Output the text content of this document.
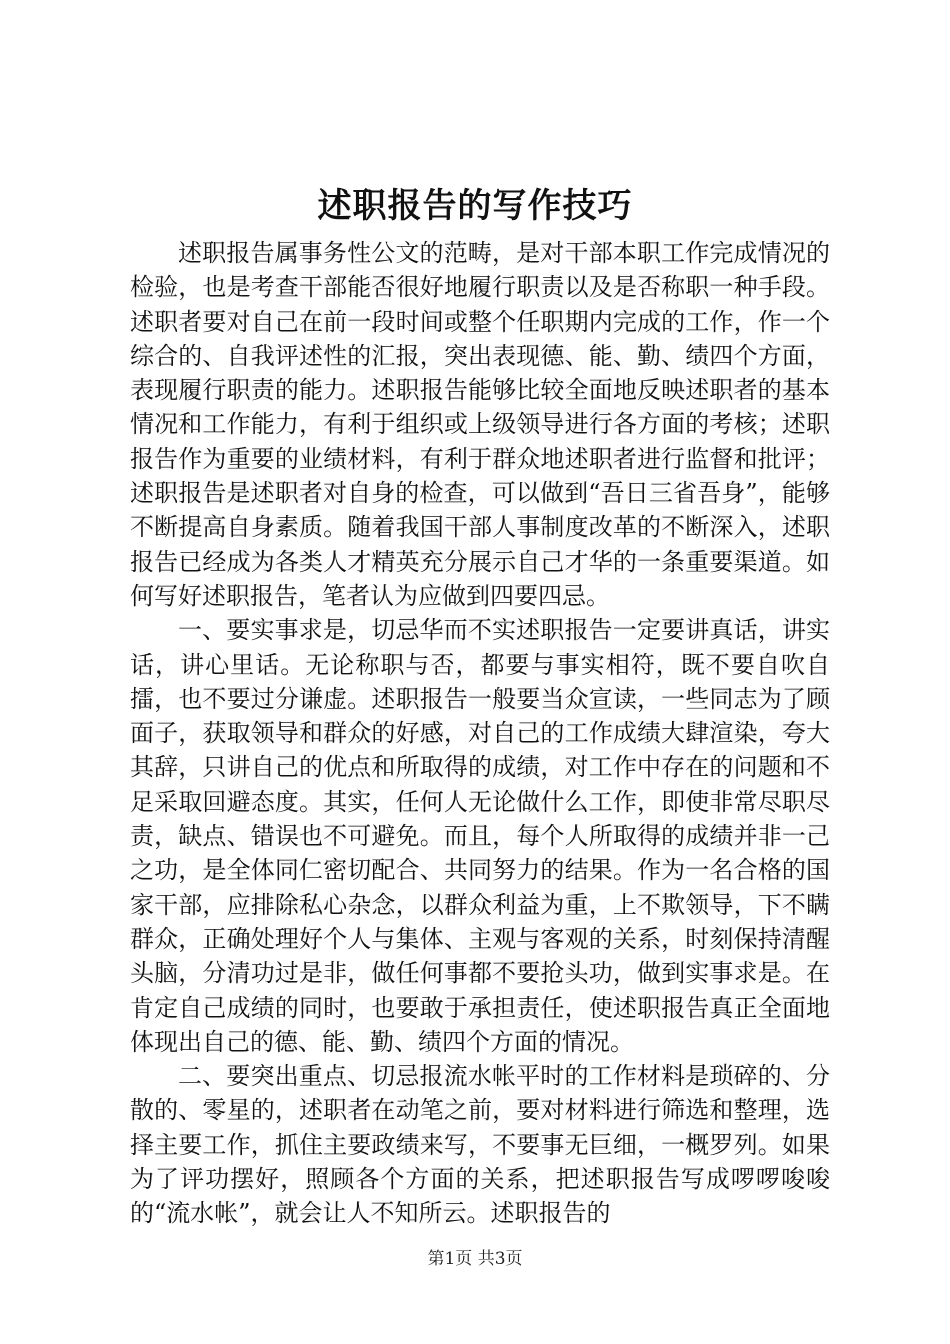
述职报告的写作技巧

述职报告属事务性公文的范畴，是对干部本职工作完成情况的检验，也是考查干部能否很好地履行职责以及是否称职一种手段。述职者要对自己在前一段时间或整个任职期内完成的工作，作一个综合的、自我评述性的汇报，突出表现德、能、勤、绩四个方面，表现履行职责的能力。述职报告能够比较全面地反映述职者的基本情况和工作能力，有利于组织或上级领导进行各方面的考核；述职报告作为重要的业绩材料，有利于群众地述职者进行监督和批评；述职报告是述职者对自身的检查，可以做到“吾日三省吾身”，能够不断提高自身素质。随着我国干部人事制度改革的不断深入，述职报告已经成为各类人才精英充分展示自己才华的一条重要渠道。如何写好述职报告，笔者认为应做到四要四忌。

一、要实事求是，切忌华而不实述职报告一定要讲真话，讲实话，讲心里话。无论称职与否，都要与事实相符，既不要自吹自擂，也不要过分谦虚。述职报告一般要当众宣读，一些同志为了顾面子，获取领导和群众的好感，对自己的工作成绩大肆渲染，夸大其辞，只讲自己的优点和所取得的成绩，对工作中存在的问题和不足采取回避态度。其实，任何人无论做什么工作，即使非常尽职尽责，缺点、错误也不可避免。而且，每个人所取得的成绩并非一己之功，是全体同仁密切配合、共同努力的结果。作为一名合格的国家干部，应排除私心杂念，以群众利益为重，上不欺领导，下不瞒群众，正确处理好个人与集体、主观与客观的关系，时刻保持清醒头脑，分清功过是非，做任何事都不要抢头功，做到实事求是。在肯定自己成绩的同时，也要敢于承担责任，使述职报告真正全面地体现出自己的德、能、勤、绩四个方面的情况。

二、要突出重点、切忌报流水帐平时的工作材料是琐碎的、分散的、零星的，述职者在动笔之前，要对材料进行筛选和整理，选择主要工作，抓住主要政绩来写，不要事无巨细，一概罗列。如果为了评功摆好，照顾各个方面的关系，把述职报告写成啰啰唆唆的“流水帐”，就会让人不知所云。述职报告的

第1页 共3页
